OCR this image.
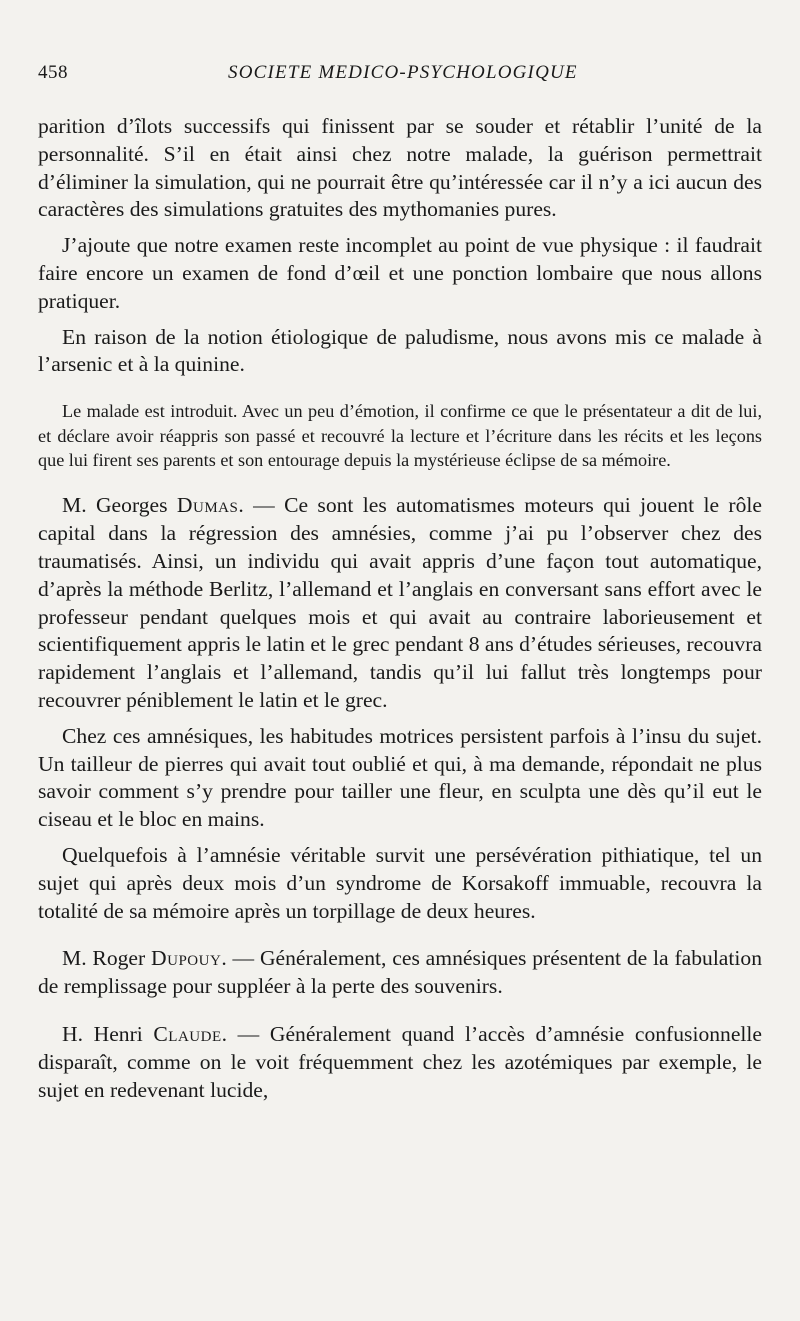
458	SOCIETE MEDICO-PSYCHOLOGIQUE

parition d’îlots successifs qui finissent par se souder et rétablir l’unité de la personnalité. S’il en était ainsi chez notre malade, la guérison permettrait d’éliminer la simulation, qui ne pourrait être qu’intéressée car il n’y a ici aucun des caractères des simulations gratuites des mythomanies pures.

J’ajoute que notre examen reste incomplet au point de vue physique : il faudrait faire encore un examen de fond d’œil et une ponction lombaire que nous allons pratiquer.

En raison de la notion étiologique de paludisme, nous avons mis ce malade à l’arsenic et à la quinine.

Le malade est introduit. Avec un peu d’émotion, il confirme ce que le présentateur a dit de lui, et déclare avoir réappris son passé et recouvré la lecture et l’écriture dans les récits et les leçons que lui firent ses parents et son entourage depuis la mystérieuse éclipse de sa mémoire.

M. Georges Dumas. — Ce sont les automatismes moteurs qui jouent le rôle capital dans la régression des amnésies, comme j’ai pu l’observer chez des traumatisés. Ainsi, un individu qui avait appris d’une façon tout automatique, d’après la méthode Berlitz, l’allemand et l’anglais en conversant sans effort avec le professeur pendant quelques mois et qui avait au contraire laborieusement et scientifiquement appris le latin et le grec pendant 8 ans d’études sérieuses, recouvra rapidement l’anglais et l’allemand, tandis qu’il lui fallut très longtemps pour recouvrer péniblement le latin et le grec.

Chez ces amnésiques, les habitudes motrices persistent parfois à l’insu du sujet. Un tailleur de pierres qui avait tout oublié et qui, à ma demande, répondait ne plus savoir comment s’y prendre pour tailler une fleur, en sculpta une dès qu’il eut le ciseau et le bloc en mains.

Quelquefois à l’amnésie véritable survit une persévération pithiatique, tel un sujet qui après deux mois d’un syndrome de Korsakoff immuable, recouvra la totalité de sa mémoire après un torpillage de deux heures.

M. Roger Dupouy. — Généralement, ces amnésiques présentent de la fabulation de remplissage pour suppléer à la perte des souvenirs.

H. Henri Claude. — Généralement quand l’accès d’amnésie confusionnelle disparaît, comme on le voit fréquemment chez les azotémiques par exemple, le sujet en redevenant lucide,
